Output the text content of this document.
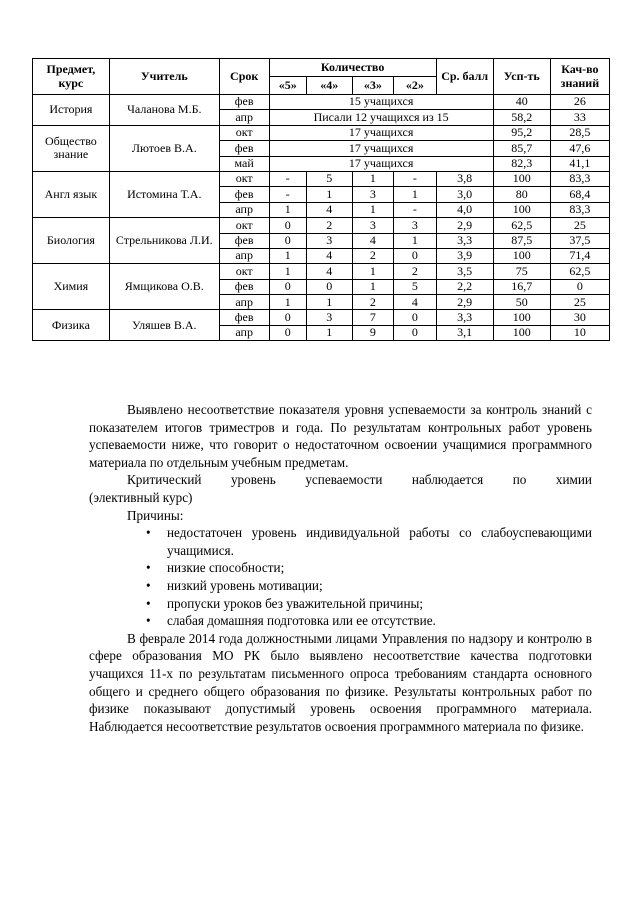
Предмет, курс	Учитель	Срок	Количество				Ср. балл	Усп-ть	Кач-во знаний
			«5»	«4»	«3»	«2»			
История	Чаланова М.Б.	фев	15 учащихся					40	26
		апр	Писали 12 учащихся из 15					58,2	33
Общество знание	Лютоев В.А.	окт	17 учащихся					95,2	28,5
		фев	17 учащихся					85,7	47,6
		май	17 учащихся					82,3	41,1
Англ язык	Истомина Т.А.	окт	-	5	1	-	3,8	100	83,3
		фев	-	1	3	1	3,0	80	68,4
		апр	1	4	1	-	4,0	100	83,3
Биология	Стрельникова Л.И.	окт	0	2	3	3	2,9	62,5	25
		фев	0	3	4	1	3,3	87,5	37,5
		апр	1	4	2	0	3,9	100	71,4
Химия	Ямщикова О.В.	окт	1	4	1	2	3,5	75	62,5
		фев	0	0	1	5	2,2	16,7	0
		апр	1	1	2	4	2,9	50	25
Физика	Уляшев В.А.	фев	0	3	7	0	3,3	100	30
		апр	0	1	9	0	3,1	100	10

Выявлено несоответствие показателя уровня успеваемости за контроль знаний с показателем итогов триместров и года. По результатам контрольных работ уровень успеваемости ниже, что говорит о недостаточном освоении учащимися программного материала по отдельным учебным предметам.

Критический уровень успеваемости наблюдается по химии

(элективный курс)

Причины:

• недостаточен уровень индивидуальной работы со слабоуспевающими учащимися.
• низкие способности;
• низкий уровень мотивации;
• пропуски уроков без уважительной причины;
• слабая домашняя подготовка или ее отсутствие.

В феврале 2014 года должностными лицами Управления по надзору и контролю в сфере образования МО РК было выявлено несоответствие качества подготовки учащихся 11-х по результатам письменного опроса требованиям стандарта основного общего и среднего общего образования по физике. Результаты контрольных работ по физике показывают допустимый уровень освоения программного материала. Наблюдается несоответствие результатов освоения программного материала по физике.
